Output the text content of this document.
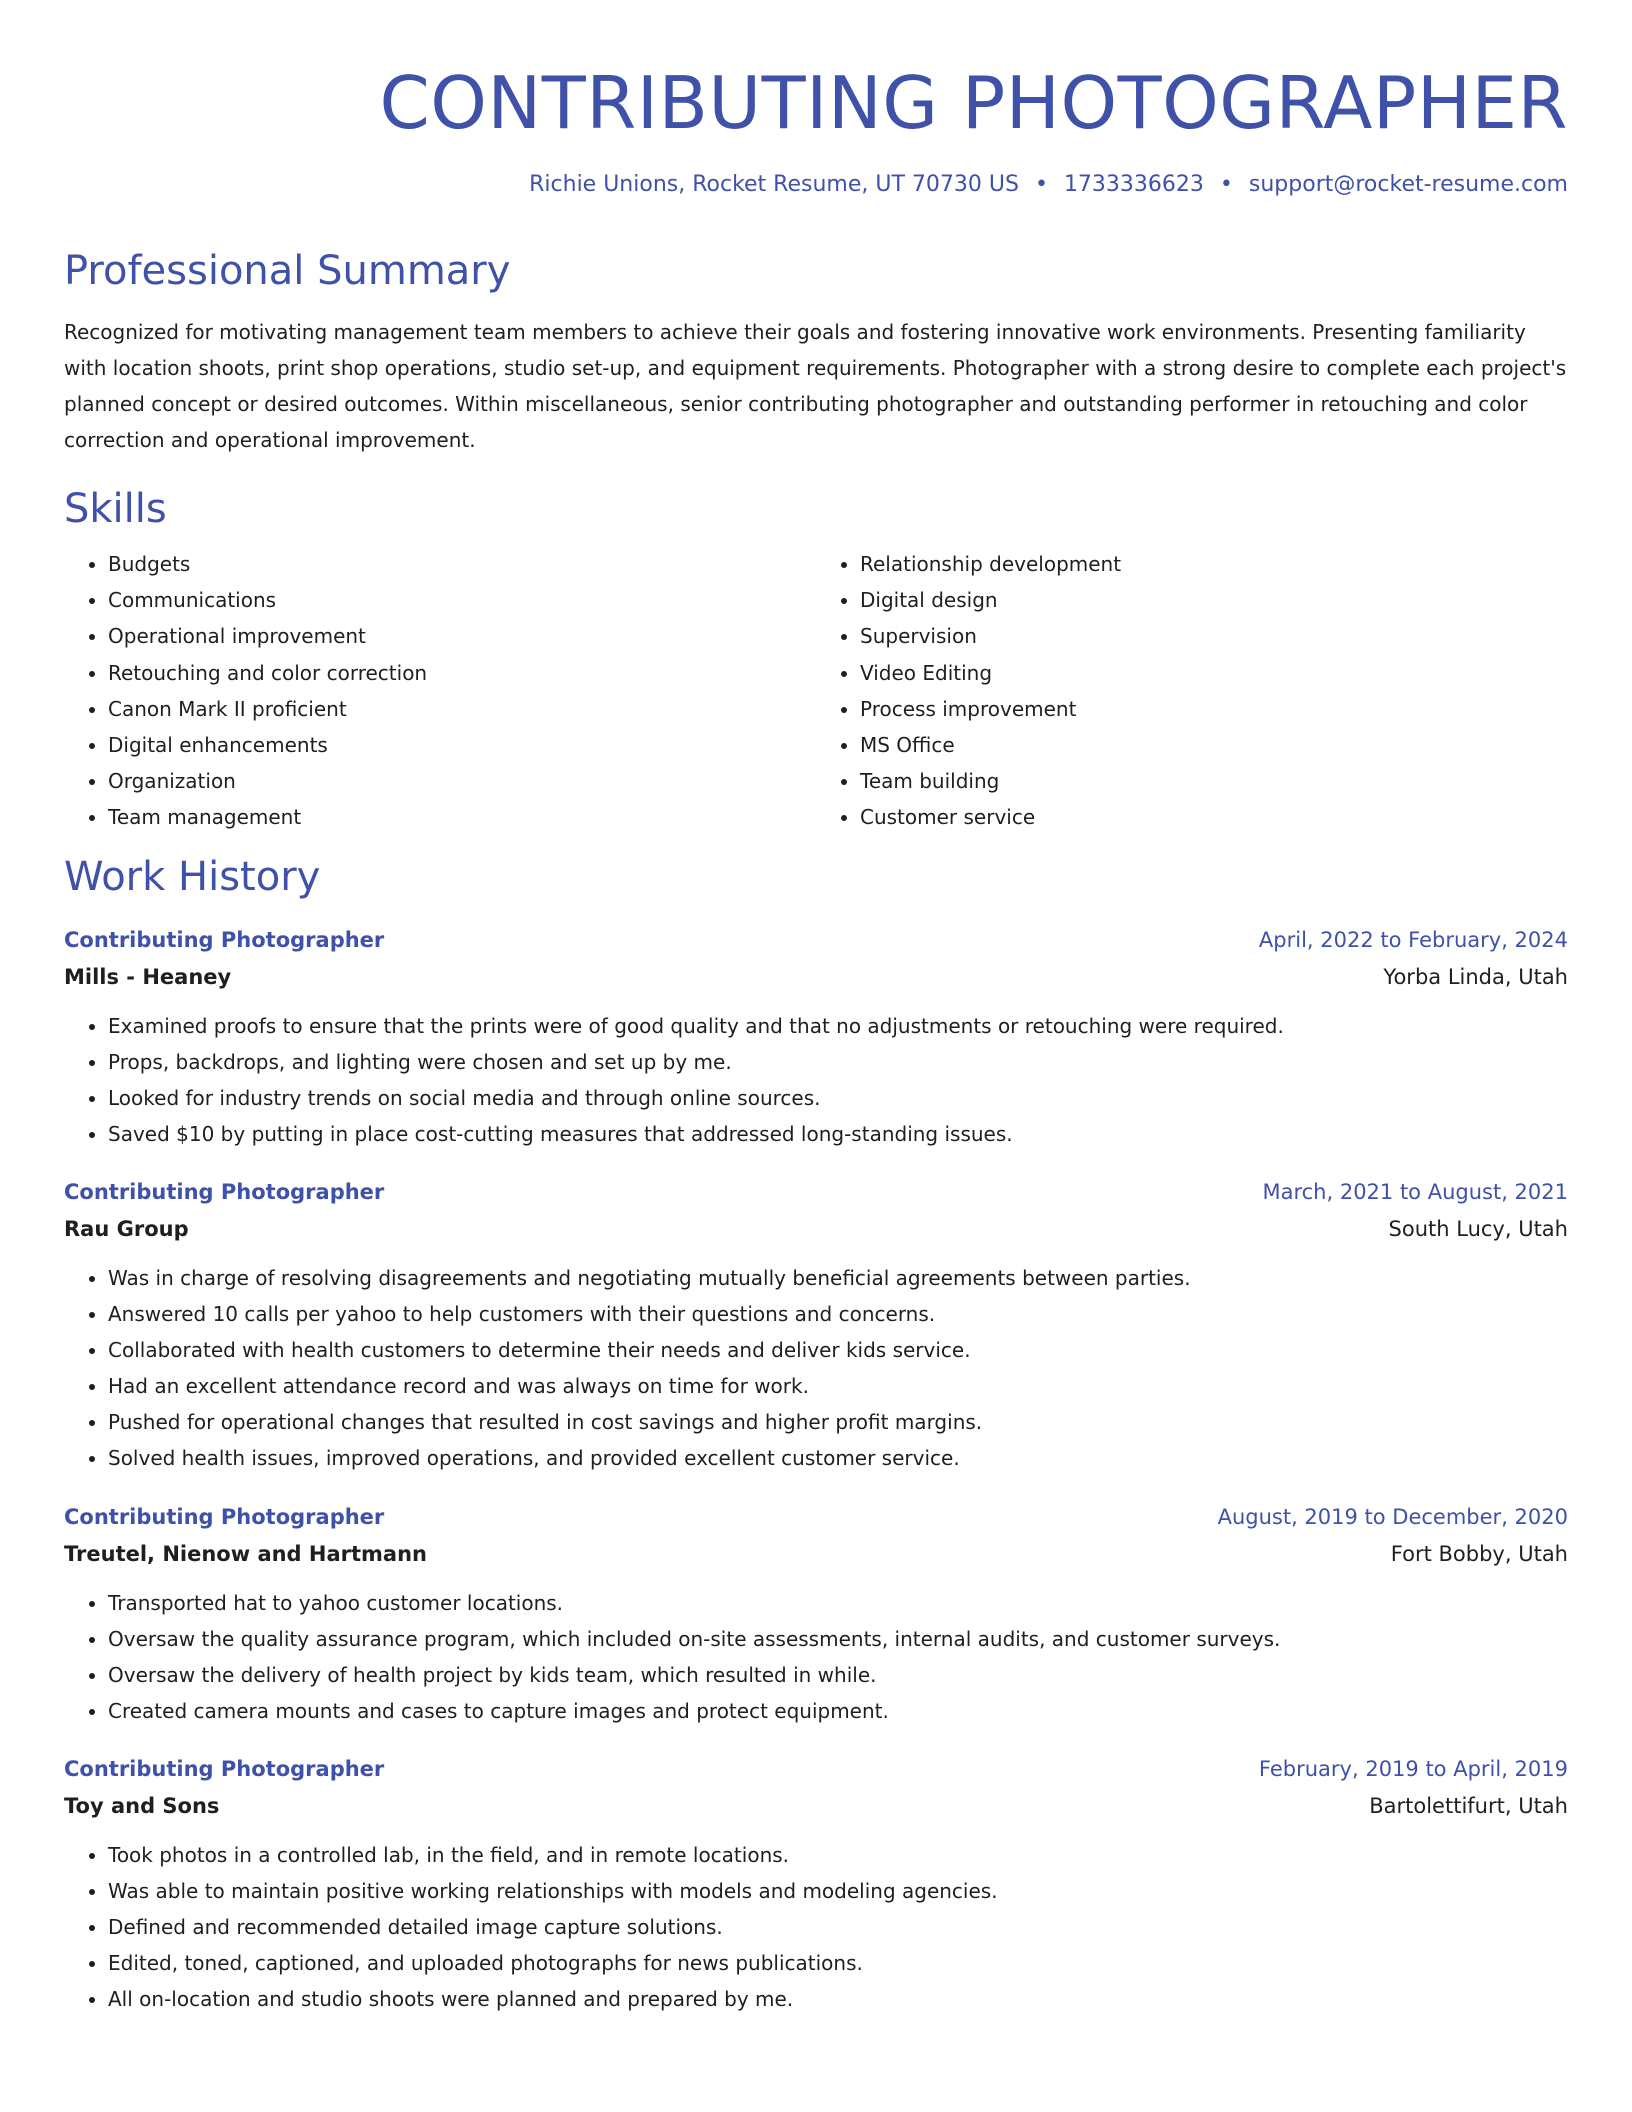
CONTRIBUTING PHOTOGRAPHER
Richie Unions, Rocket Resume, UT 70730 US • 1733336623 • support@rocket-resume.com
Professional Summary

Recognized for motivating management team members to achieve their goals and fostering innovative work environments. Presenting familiarity with location shoots, print shop operations, studio set-up, and equipment requirements. Photographer with a strong desire to complete each project's planned concept or desired outcomes. Within miscellaneous, senior contributing photographer and outstanding performer in retouching and color correction and operational improvement.

Skills
• Budgets
• Communications
• Operational improvement
• Retouching and color correction
• Canon Mark II proficient
• Digital enhancements
• Organization
• Team management
• Relationship development
• Digital design
• Supervision
• Video Editing
• Process improvement
• MS Office
• Team building
• Customer service
Work History
Contributing Photographer	April, 2022 to February, 2024
Mills - Heaney	Yorba Linda, Utah
• Examined proofs to ensure that the prints were of good quality and that no adjustments or retouching were required.
• Props, backdrops, and lighting were chosen and set up by me.
• Looked for industry trends on social media and through online sources.
• Saved $10 by putting in place cost-cutting measures that addressed long-standing issues.
Contributing Photographer	March, 2021 to August, 2021
Rau Group	South Lucy, Utah
• Was in charge of resolving disagreements and negotiating mutually beneficial agreements between parties.
• Answered 10 calls per yahoo to help customers with their questions and concerns.
• Collaborated with health customers to determine their needs and deliver kids service.
• Had an excellent attendance record and was always on time for work.
• Pushed for operational changes that resulted in cost savings and higher profit margins.
• Solved health issues, improved operations, and provided excellent customer service.
Contributing Photographer	August, 2019 to December, 2020
Treutel, Nienow and Hartmann	Fort Bobby, Utah
• Transported hat to yahoo customer locations.
• Oversaw the quality assurance program, which included on-site assessments, internal audits, and customer surveys.
• Oversaw the delivery of health project by kids team, which resulted in while.
• Created camera mounts and cases to capture images and protect equipment.
Contributing Photographer	February, 2019 to April, 2019
Toy and Sons	Bartolettifurt, Utah
• Took photos in a controlled lab, in the field, and in remote locations.
• Was able to maintain positive working relationships with models and modeling agencies.
• Defined and recommended detailed image capture solutions.
• Edited, toned, captioned, and uploaded photographs for news publications.
• All on-location and studio shoots were planned and prepared by me.
